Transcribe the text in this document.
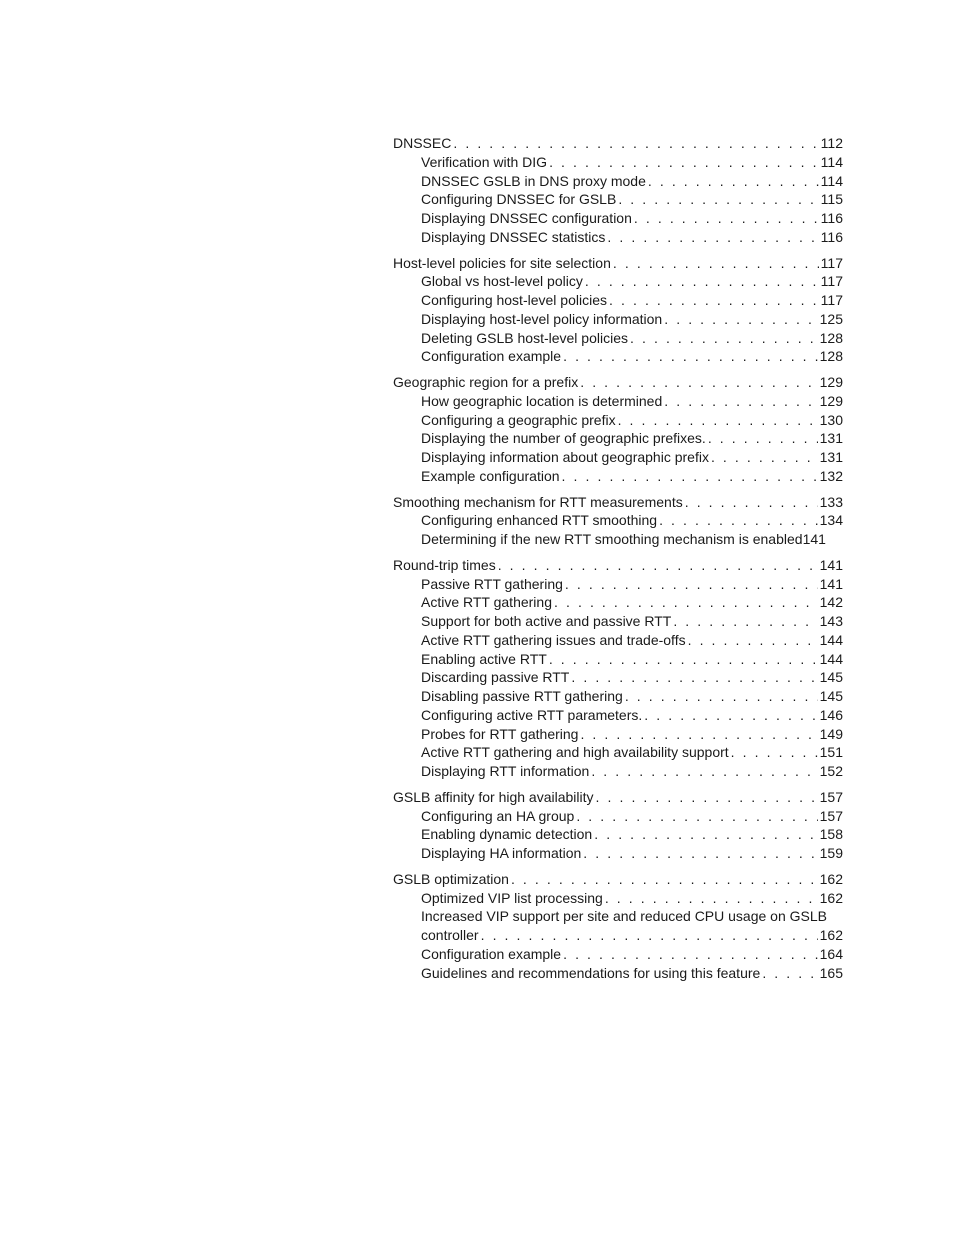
DNSSEC . . .	112
Verification with DIG . . .	114
DNSSEC GSLB in DNS proxy mode . . .	114
Configuring DNSSEC for GSLB . . .	115
Displaying DNSSEC configuration . . .	116
Displaying DNSSEC statistics . . .	116
Host-level policies for site selection . . .	117
Global vs host-level policy . . .	117
Configuring host-level policies . . .	117
Displaying host-level policy information . . .	125
Deleting GSLB host-level policies . . .	128
Configuration example . . .	128
Geographic region for a prefix . . .	129
How geographic location is determined . . .	129
Configuring a geographic prefix . . .	130
Displaying the number of geographic prefixes. . . .	131
Displaying information about geographic prefix . . .	131
Example configuration . . .	132
Smoothing mechanism for RTT measurements . . .	133
Configuring enhanced RTT smoothing . . .	134
Determining if the new RTT smoothing mechanism is enabled 141
Round-trip times . . .	141
Passive RTT gathering . . .	141
Active RTT gathering . . .	142
Support for both active and passive RTT . . .	143
Active RTT gathering issues and trade-offs . . .	144
Enabling active RTT . . .	144
Discarding passive RTT . . .	145
Disabling passive RTT gathering . . .	145
Configuring active RTT parameters. . . .	146
Probes for RTT gathering . . .	149
Active RTT gathering and high availability support . . .	151
Displaying RTT information . . .	152
GSLB affinity for high availability . . .	157
Configuring an HA group . . .	157
Enabling dynamic detection . . .	158
Displaying HA information . . .	159
GSLB optimization . . .	162
Optimized VIP list processing . . .	162
Increased VIP support per site and reduced CPU usage on GSLB
controller . . .	162
Configuration example . . .	164
Guidelines and recommendations for using this feature . . .	165
